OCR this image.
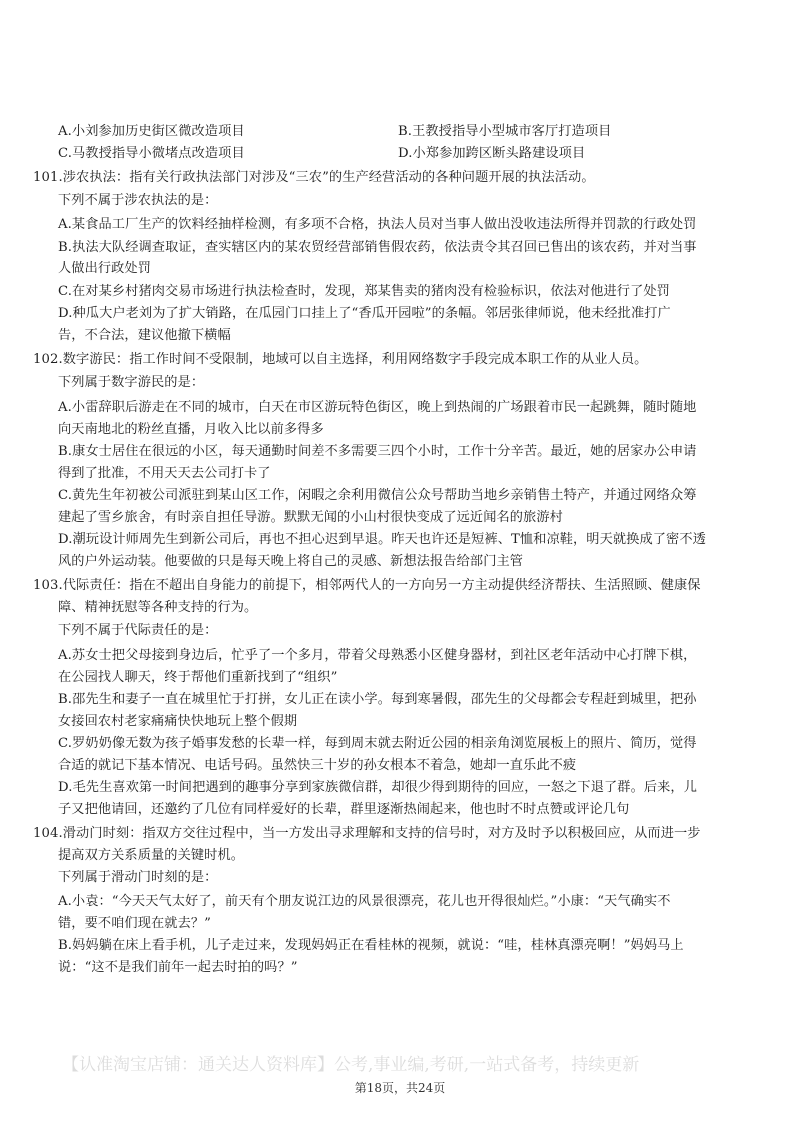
A.小刘参加历史街区微改造项目	B.王教授指导小型城市客厅打造项目
C.马教授指导小微堵点改造项目	D.小郑参加跨区断头路建设项目
101.涉农执法：指有关行政执法部门对涉及“三农”的生产经营活动的各种问题开展的执法活动。
下列不属于涉农执法的是：
A.某食品工厂生产的饮料经抽样检测，有多项不合格，执法人员对当事人做出没收违法所得并罚款的行政处罚
B.执法大队经调查取证，查实辖区内的某农贸经营部销售假农药，依法责令其召回已售出的该农药，并对当事
人做出行政处罚
C.在对某乡村猪肉交易市场进行执法检查时，发现，郑某售卖的猪肉没有检验标识，依法对他进行了处罚
D.种瓜大户老刘为了扩大销路，在瓜园门口挂上了“香瓜开园啦”的条幅。邻居张律师说，他未经批准打广
告，不合法，建议他撤下横幅
102.数字游民：指工作时间不受限制，地域可以自主选择，利用网络数字手段完成本职工作的从业人员。
下列属于数字游民的是：
A.小雷辞职后游走在不同的城市，白天在市区游玩特色街区，晚上到热闹的广场跟着市民一起跳舞，随时随地
向天南地北的粉丝直播，月收入比以前多得多
B.康女士居住在很远的小区，每天通勤时间差不多需要三四个小时，工作十分辛苦。最近，她的居家办公申请
得到了批准，不用天天去公司打卡了
C.黄先生年初被公司派驻到某山区工作，闲暇之余利用微信公众号帮助当地乡亲销售土特产，并通过网络众筹
建起了雪乡旅舍，有时亲自担任导游。默默无闻的小山村很快变成了远近闻名的旅游村
D.潮玩设计师周先生到新公司后，再也不担心迟到早退。昨天也许还是短裤、T恤和凉鞋，明天就换成了密不透
风的户外运动装。他要做的只是每天晚上将自己的灵感、新想法报告给部门主管
103.代际责任：指在不超出自身能力的前提下，相邻两代人的一方向另一方主动提供经济帮扶、生活照顾、健康保
障、精神抚慰等各种支持的行为。
下列不属于代际责任的是：
A.苏女士把父母接到身边后，忙乎了一个多月，带着父母熟悉小区健身器材，到社区老年活动中心打牌下棋，
在公园找人聊天，终于帮他们重新找到了“组织”
B.邵先生和妻子一直在城里忙于打拼，女儿正在读小学。每到寒暑假，邵先生的父母都会专程赶到城里，把孙
女接回农村老家痛痛快快地玩上整个假期
C.罗奶奶像无数为孩子婚事发愁的长辈一样，每到周末就去附近公园的相亲角浏览展板上的照片、简历，觉得
合适的就记下基本情况、电话号码。虽然快三十岁的孙女根本不着急，她却一直乐此不疲
D.毛先生喜欢第一时间把遇到的趣事分享到家族微信群，却很少得到期待的回应，一怒之下退了群。后来，儿
子又把他请回，还邀约了几位有同样爱好的长辈，群里逐渐热闹起来，他也时不时点赞或评论几句
104.滑动门时刻：指双方交往过程中，当一方发出寻求理解和支持的信号时，对方及时予以积极回应，从而进一步
提高双方关系质量的关键时机。
下列属于滑动门时刻的是：
A.小袁：“今天天气太好了，前天有个朋友说江边的风景很漂亮，花儿也开得很灿烂。”小康：“天气确实不
错，要不咱们现在就去？”
B.妈妈躺在床上看手机，儿子走过来，发现妈妈正在看桂林的视频，就说：“哇，桂林真漂亮啊！”妈妈马上
说：“这不是我们前年一起去时拍的吗？”
【认准淘宝店铺：通关达人资料库】公考,事业编,考研,一站式备考，持续更新
第18页，共24页
